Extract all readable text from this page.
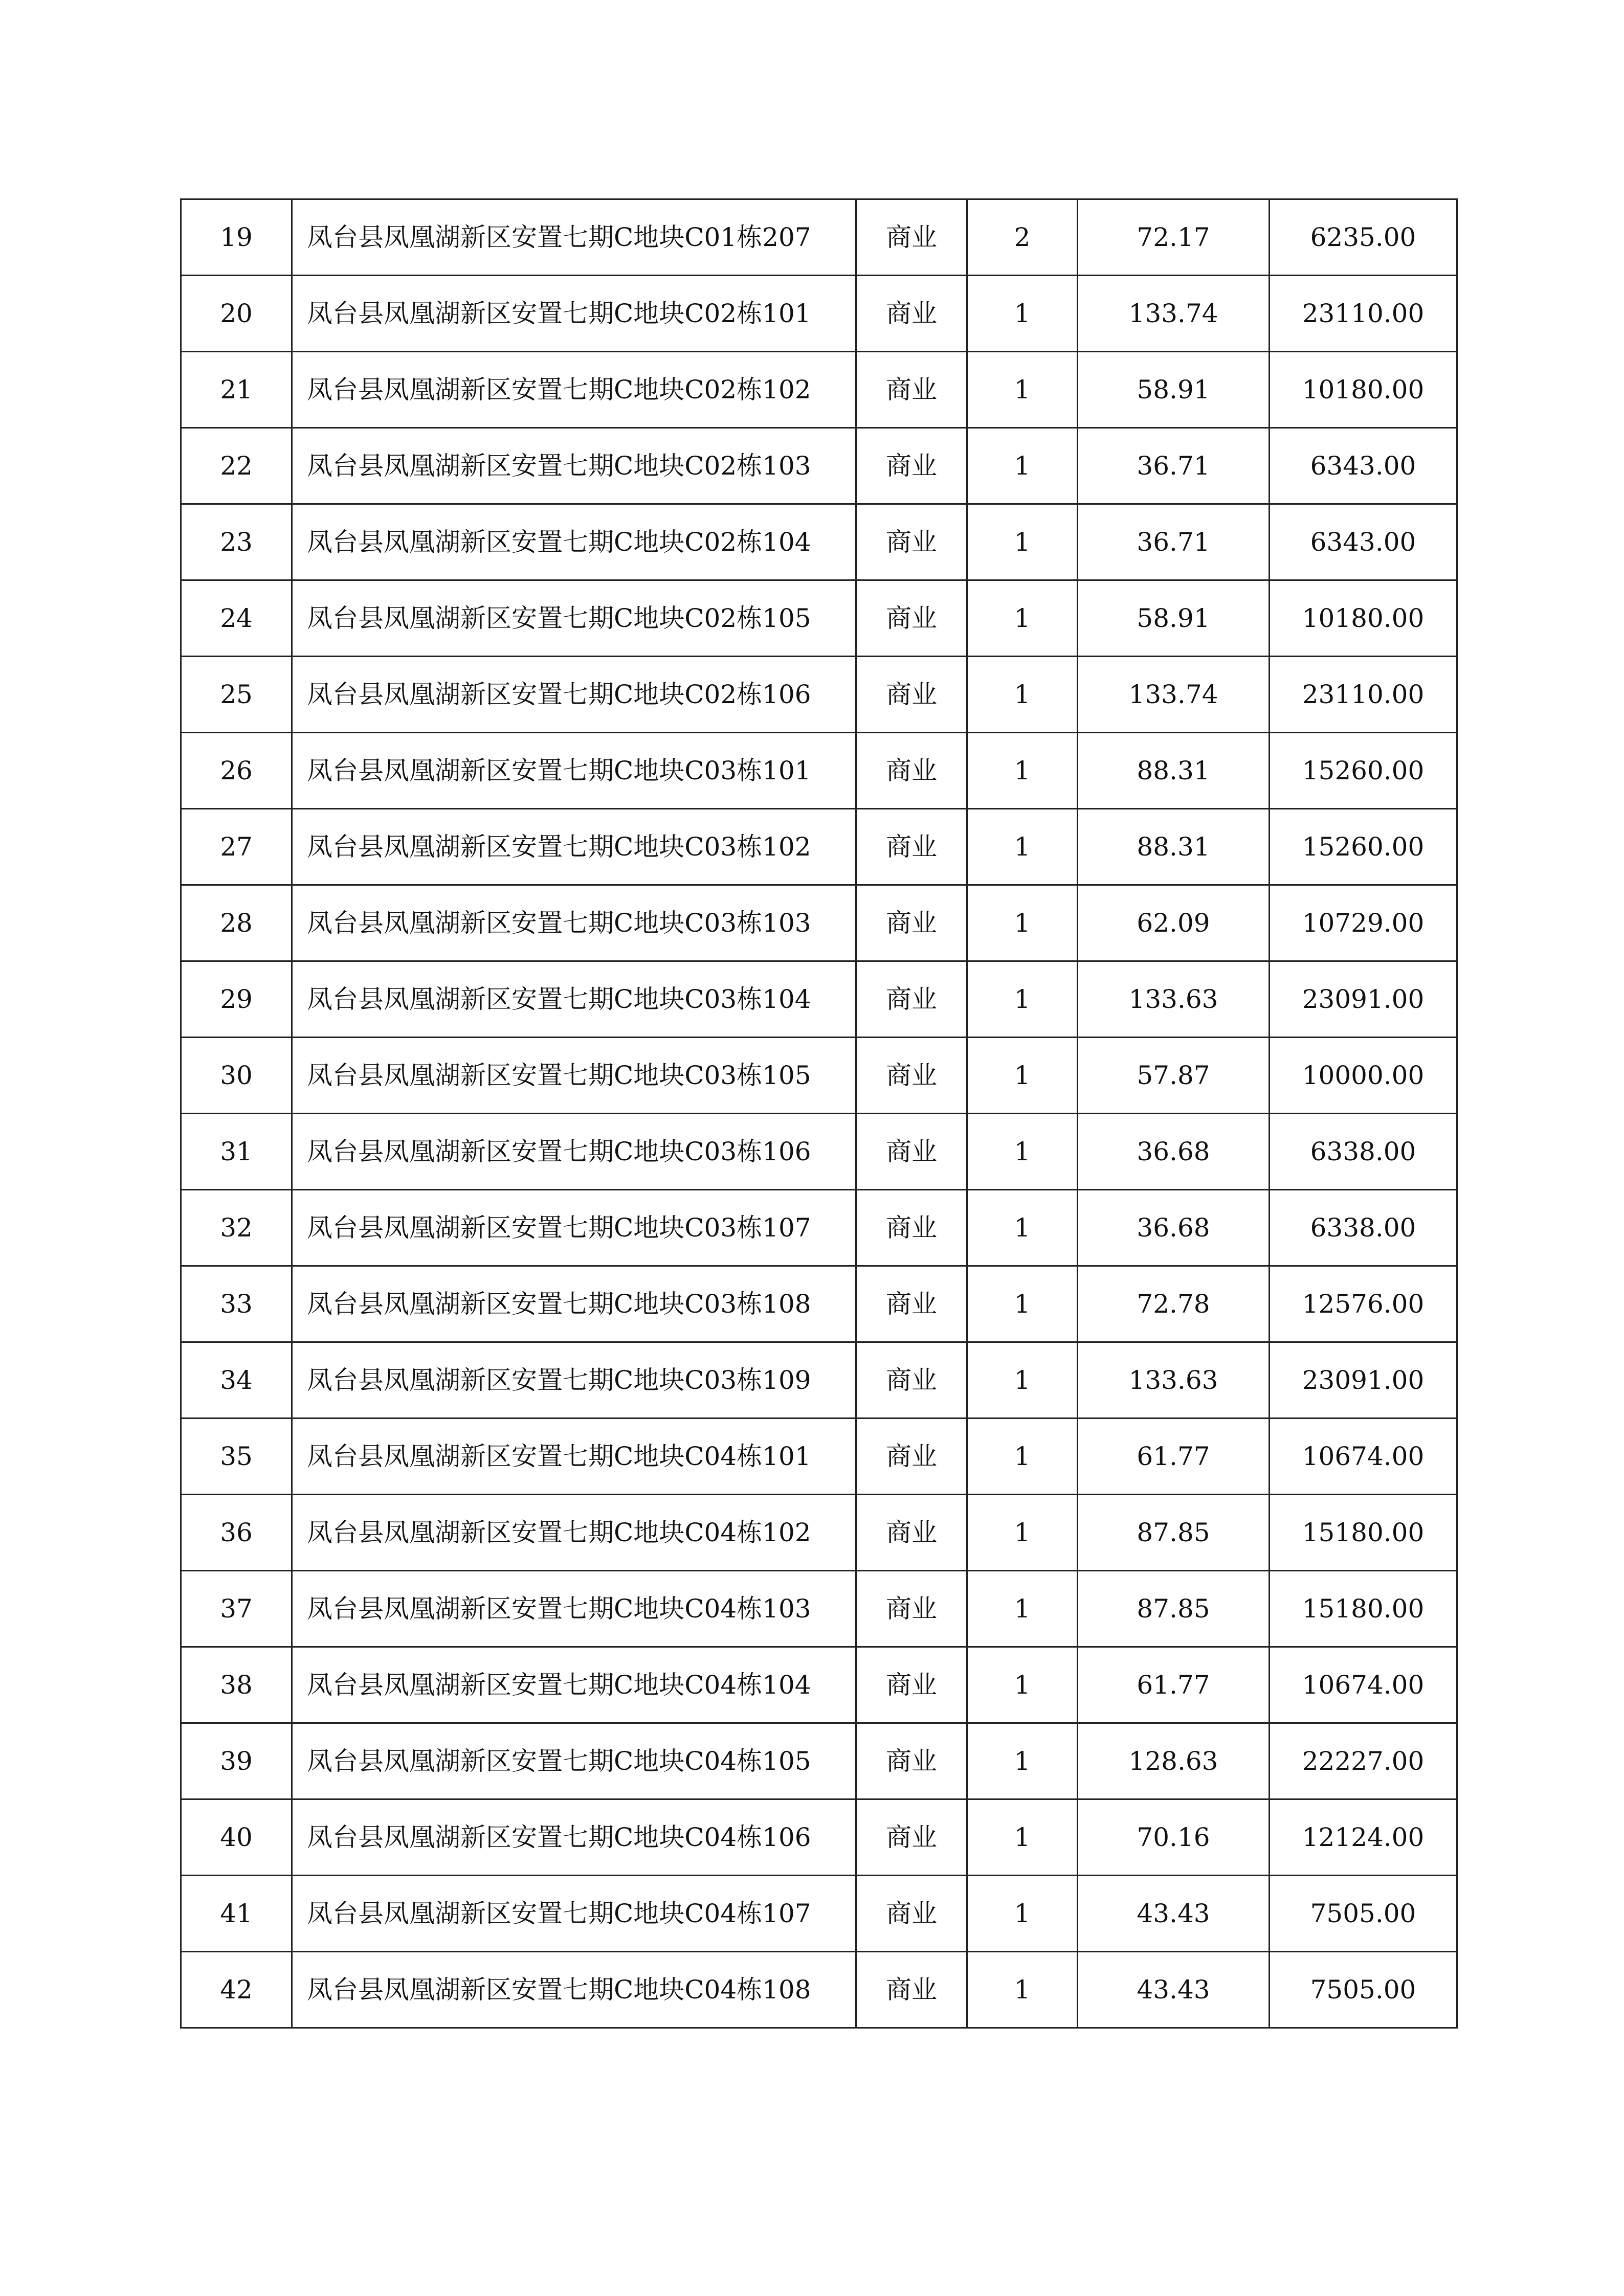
19	凤台县凤凰湖新区安置七期C地块C01栋207	商业	2	72.17	6235.00
20	凤台县凤凰湖新区安置七期C地块C02栋101	商业	1	133.74	23110.00
21	凤台县凤凰湖新区安置七期C地块C02栋102	商业	1	58.91	10180.00
22	凤台县凤凰湖新区安置七期C地块C02栋103	商业	1	36.71	6343.00
23	凤台县凤凰湖新区安置七期C地块C02栋104	商业	1	36.71	6343.00
24	凤台县凤凰湖新区安置七期C地块C02栋105	商业	1	58.91	10180.00
25	凤台县凤凰湖新区安置七期C地块C02栋106	商业	1	133.74	23110.00
26	凤台县凤凰湖新区安置七期C地块C03栋101	商业	1	88.31	15260.00
27	凤台县凤凰湖新区安置七期C地块C03栋102	商业	1	88.31	15260.00
28	凤台县凤凰湖新区安置七期C地块C03栋103	商业	1	62.09	10729.00
29	凤台县凤凰湖新区安置七期C地块C03栋104	商业	1	133.63	23091.00
30	凤台县凤凰湖新区安置七期C地块C03栋105	商业	1	57.87	10000.00
31	凤台县凤凰湖新区安置七期C地块C03栋106	商业	1	36.68	6338.00
32	凤台县凤凰湖新区安置七期C地块C03栋107	商业	1	36.68	6338.00
33	凤台县凤凰湖新区安置七期C地块C03栋108	商业	1	72.78	12576.00
34	凤台县凤凰湖新区安置七期C地块C03栋109	商业	1	133.63	23091.00
35	凤台县凤凰湖新区安置七期C地块C04栋101	商业	1	61.77	10674.00
36	凤台县凤凰湖新区安置七期C地块C04栋102	商业	1	87.85	15180.00
37	凤台县凤凰湖新区安置七期C地块C04栋103	商业	1	87.85	15180.00
38	凤台县凤凰湖新区安置七期C地块C04栋104	商业	1	61.77	10674.00
39	凤台县凤凰湖新区安置七期C地块C04栋105	商业	1	128.63	22227.00
40	凤台县凤凰湖新区安置七期C地块C04栋106	商业	1	70.16	12124.00
41	凤台县凤凰湖新区安置七期C地块C04栋107	商业	1	43.43	7505.00
42	凤台县凤凰湖新区安置七期C地块C04栋108	商业	1	43.43	7505.00
